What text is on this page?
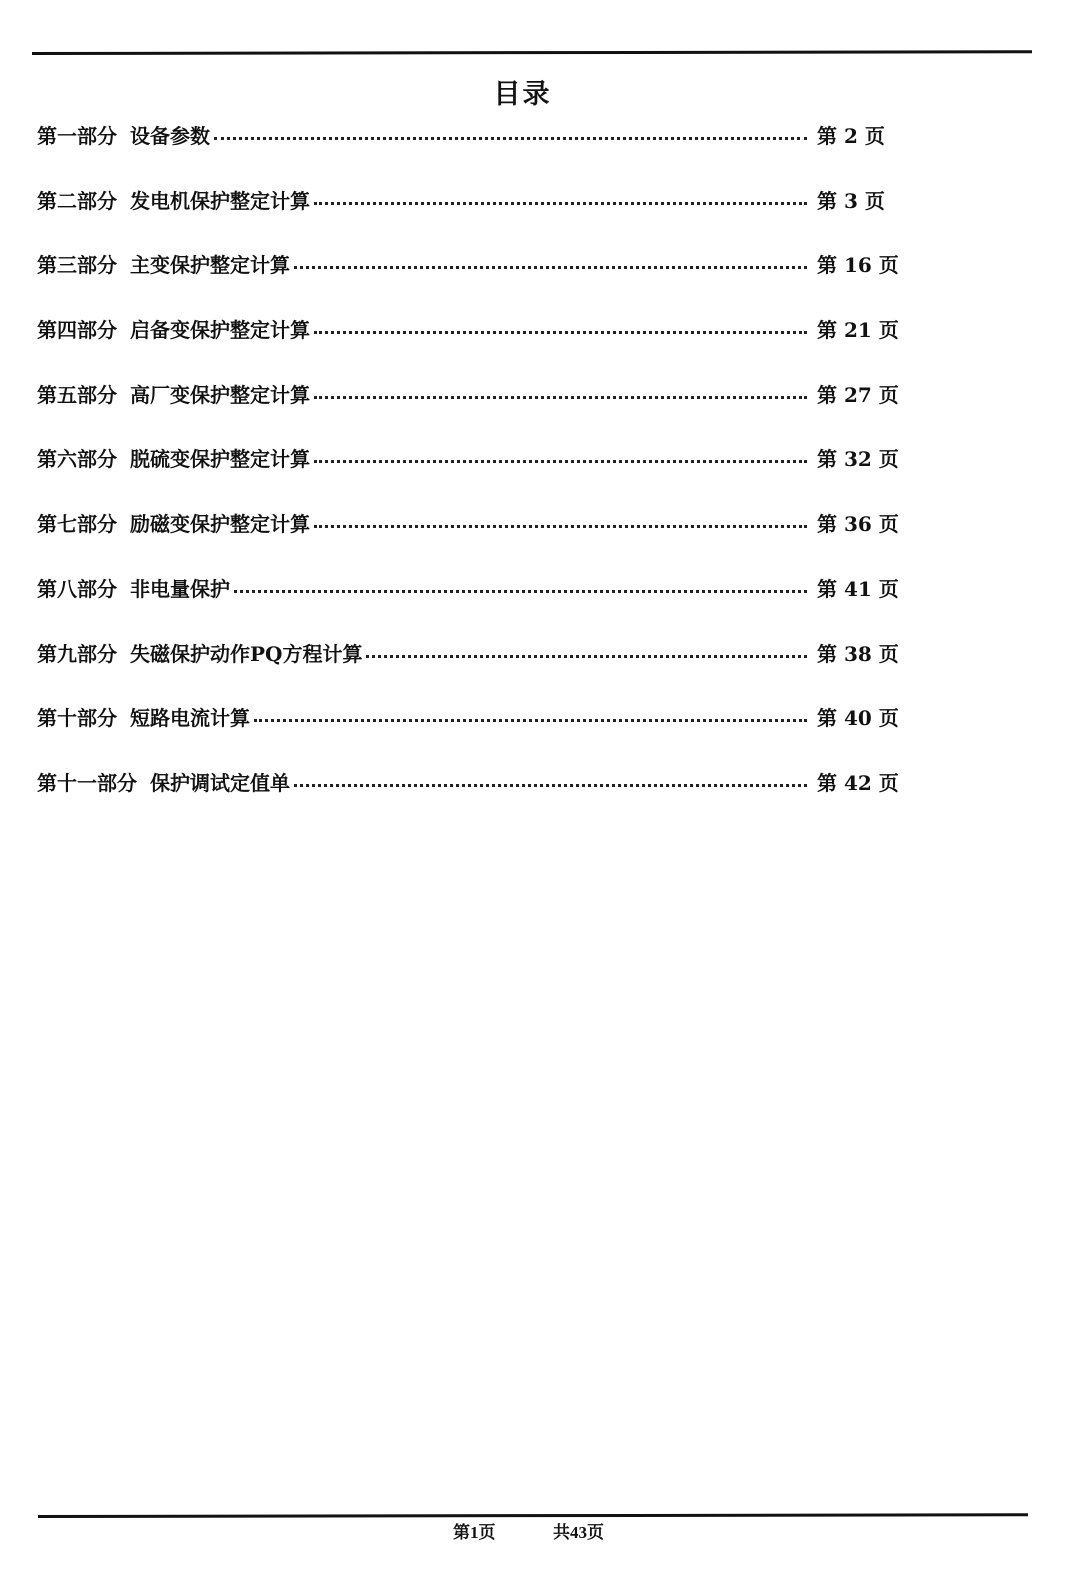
目录
第一部分 设备参数	第 2 页
第二部分 发电机保护整定计算	第 3 页
第三部分 主变保护整定计算	第 16 页
第四部分 启备变保护整定计算	第 21 页
第五部分 高厂变保护整定计算	第 27 页
第六部分 脱硫变保护整定计算	第 32 页
第七部分 励磁变保护整定计算	第 36 页
第八部分 非电量保护	第 41 页
第九部分 失磁保护动作PQ方程计算	第 38 页
第十部分 短路电流计算	第 40 页
第十一部分 保护调试定值单	第 42 页
第1页	共43页
